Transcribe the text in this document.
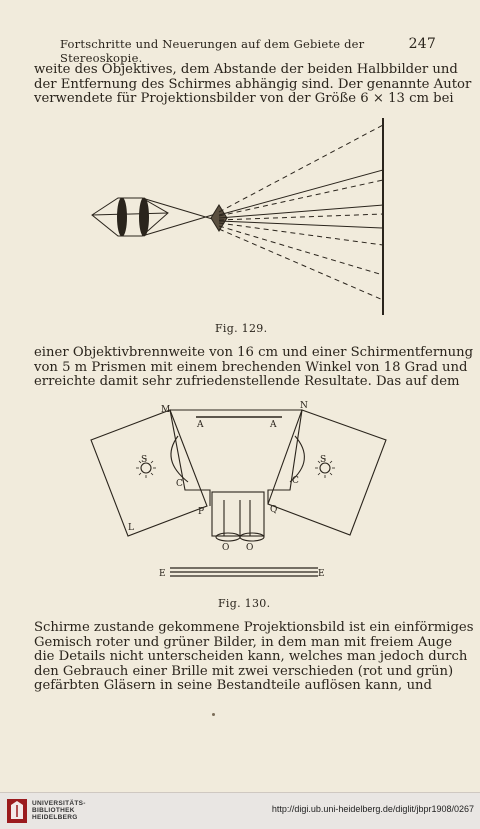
Fortschritte und Neuerungen auf dem Gebiete der Stereoskopie.
247
weite des Objektives, dem Abstande der beiden Halbbilder und
der Entfernung des Schirmes abhängig sind. Der genannte Autor
verwendete für Projektionsbilder von der Größe 6 × 13 cm bei
Fig. 129.
einer Objektivbrennweite von 16 cm und einer Schirmentfernung
von 5 m Prismen mit einem brechenden Winkel von 18 Grad und
erreichte damit sehr zufriedenstellende Resultate. Das auf dem
M	N
A	A
S	S
C	C
L
P	Q
O O
E	E
Fig. 130.
Schirme zustande gekommene Projektionsbild ist ein einförmiges
Gemisch roter und grüner Bilder, in dem man mit freiem Auge
die Details nicht unterscheiden kann, welches man jedoch durch
den Gebrauch einer Brille mit zwei verschieden (rot und grün)
gefärbten Gläsern in seine Bestandteile auflösen kann, und
UNIVERSITÄTS-
BIBLIOTHEK
HEIDELBERG
http://digi.ub.uni-heidelberg.de/diglit/jbpr1908/0267
